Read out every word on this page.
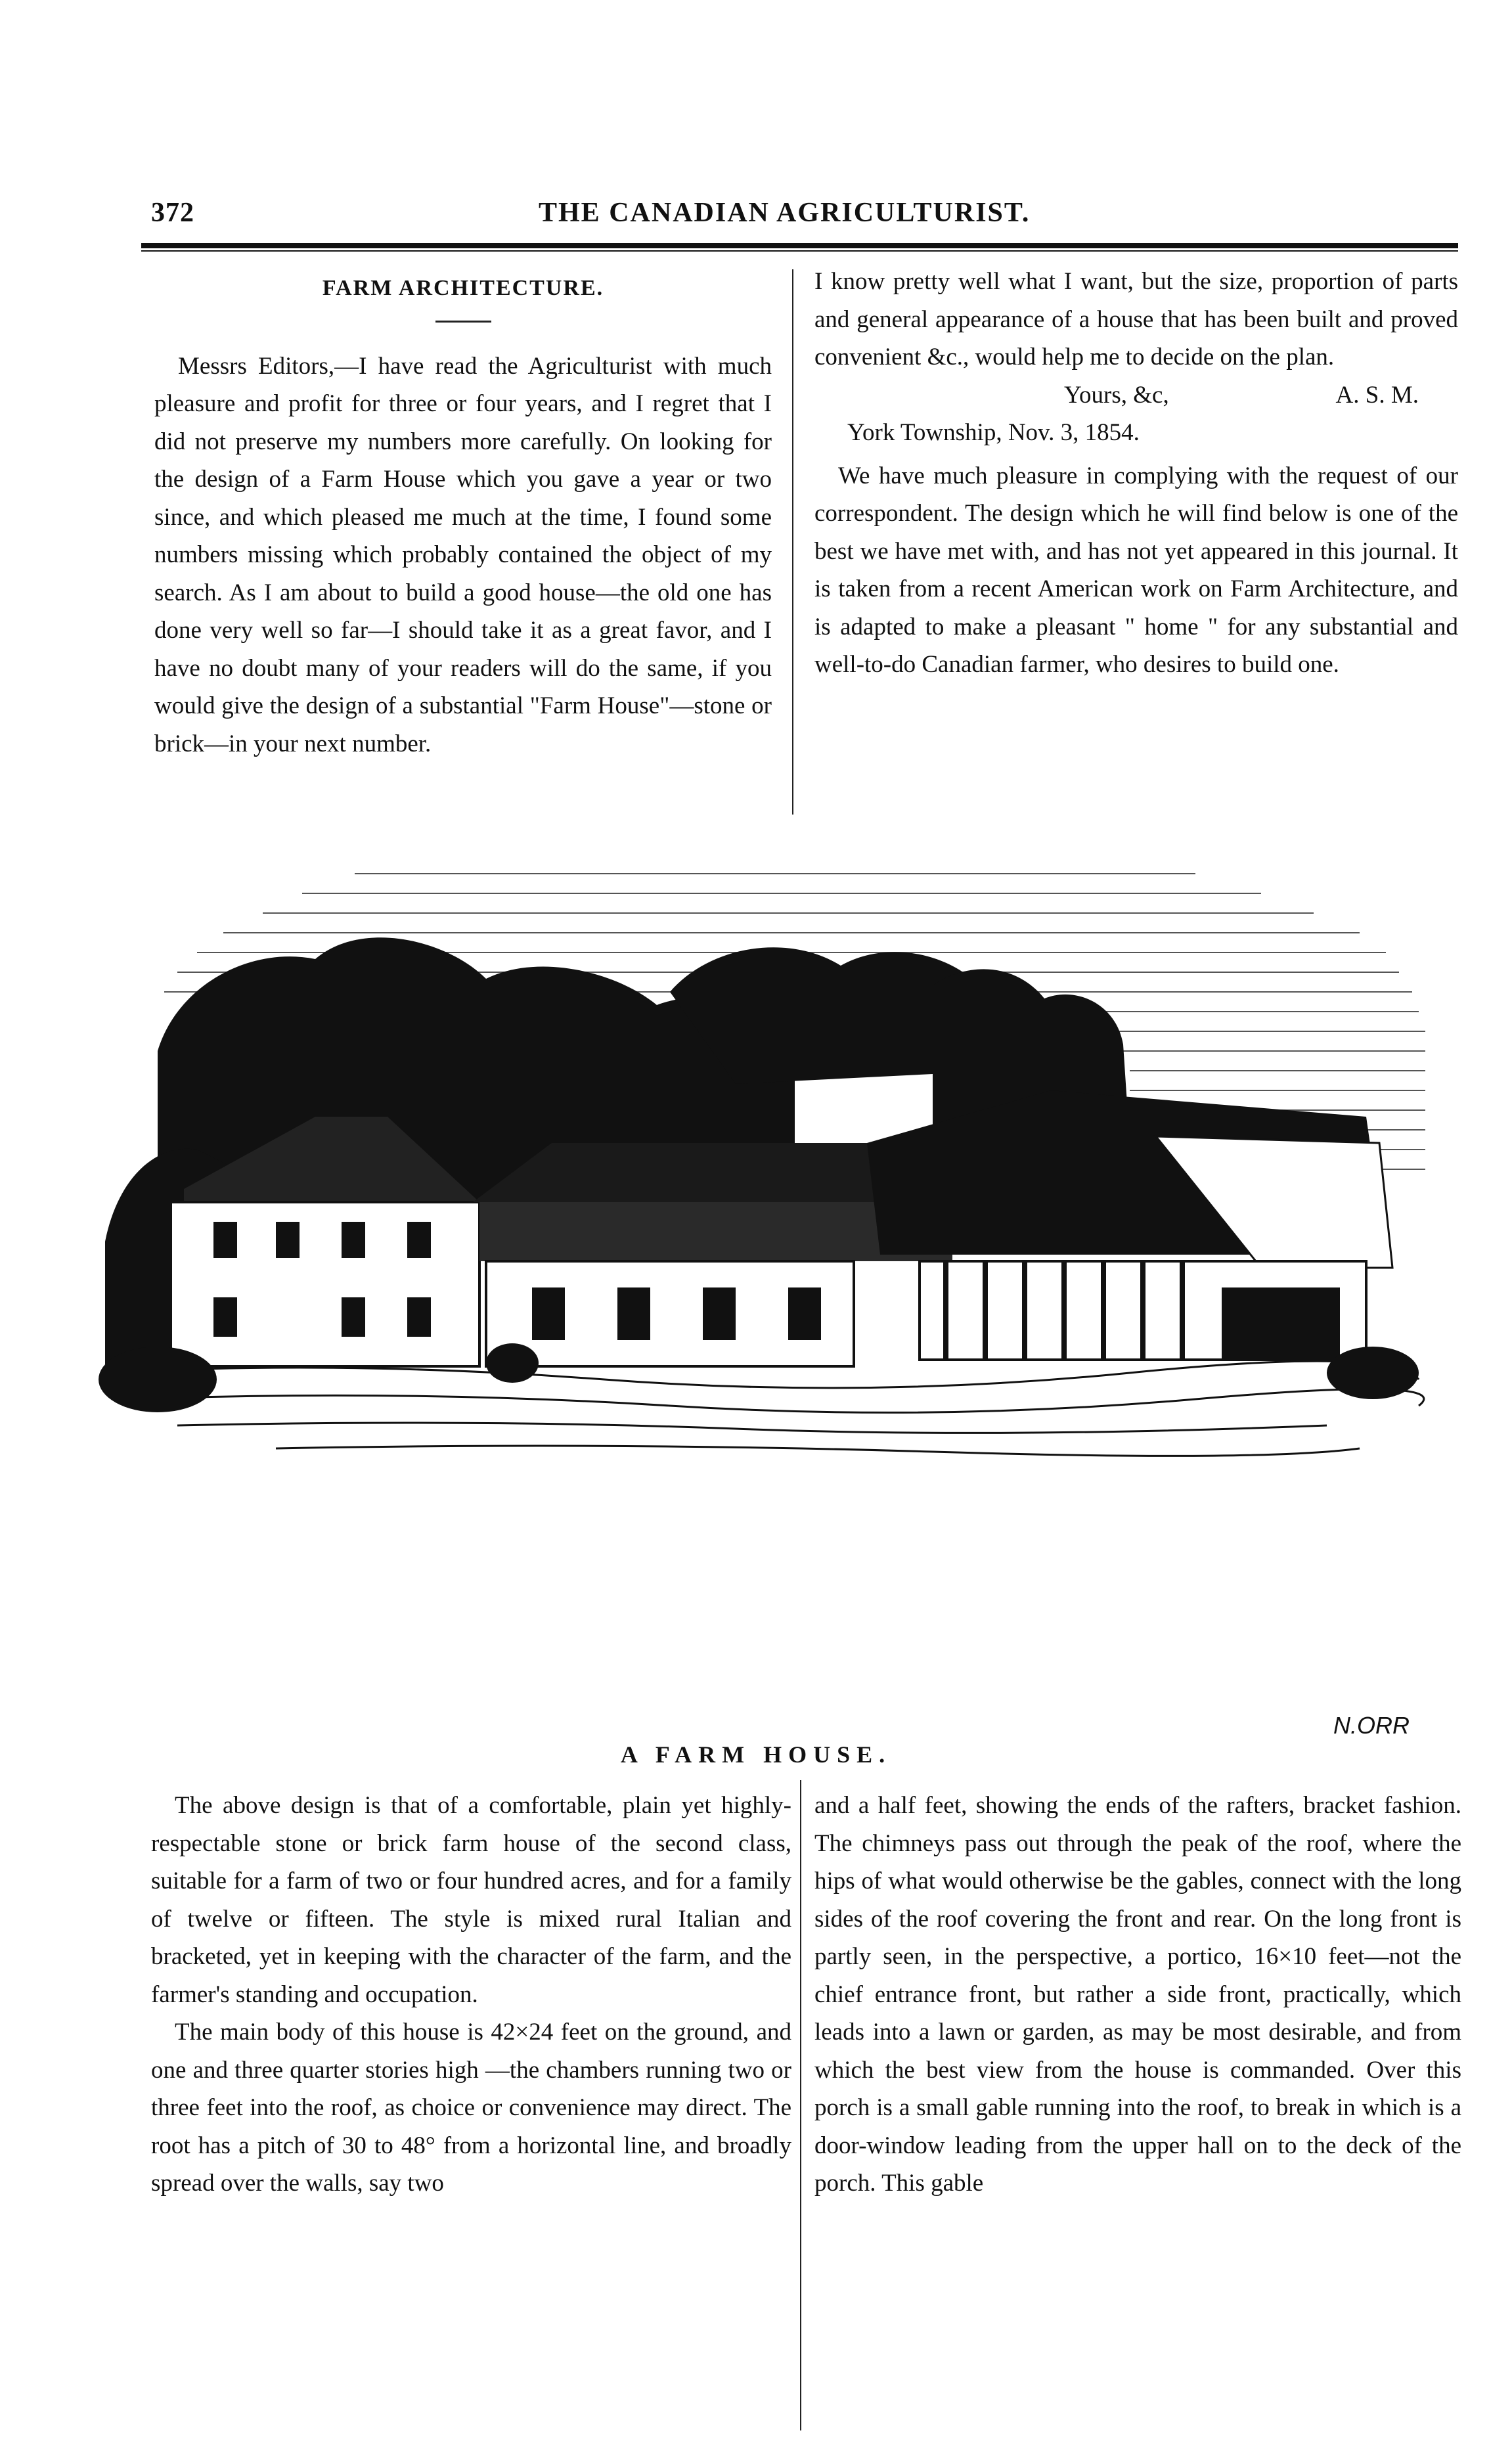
372	THE CANADIAN AGRICULTURIST.

FARM ARCHITECTURE.

Messrs Editors,—I have read the Agriculturist with much pleasure and profit for three or four years, and I regret that I did not preserve my numbers more carefully. On looking for the design of a Farm House which you gave a year or two since, and which pleased me much at the time, I found some numbers missing which probably contained the object of my search. As I am about to build a good house—the old one has done very well so far—I should take it as a great favor, and I have no doubt many of your readers will do the same, if you would give the design of a substantial "Farm House"—stone or brick—in your next number.

I know pretty well what I want, but the size, proportion of parts and general appearance of a house that has been built and proved convenient &c., would help me to decide on the plan.

Yours, &c,	A. S. M.

York Township, Nov. 3, 1854.

We have much pleasure in complying with the request of our correspondent. The design which he will find below is one of the best we have met with, and has not yet appeared in this journal. It is taken from a recent American work on Farm Architecture, and is adapted to make a pleasant " home " for any substantial and well-to-do Canadian farmer, who desires to build one.

N.ORR
A FARM HOUSE.

The above design is that of a comfortable, plain yet highly-respectable stone or brick farm house of the second class, suitable for a farm of two or four hundred acres, and for a family of twelve or fifteen. The style is mixed rural Italian and bracketed, yet in keeping with the character of the farm, and the farmer's standing and occupation.

The main body of this house is 42×24 feet on the ground, and one and three quarter stories high —the chambers running two or three feet into the roof, as choice or convenience may direct. The root has a pitch of 30 to 48° from a horizontal line, and broadly spread over the walls, say two

and a half feet, showing the ends of the rafters, bracket fashion. The chimneys pass out through the peak of the roof, where the hips of what would otherwise be the gables, connect with the long sides of the roof covering the front and rear. On the long front is partly seen, in the perspective, a portico, 16×10 feet—not the chief entrance front, but rather a side front, practically, which leads into a lawn or garden, as may be most desirable, and from which the best view from the house is commanded. Over this porch is a small gable running into the roof, to break in which is a door-window leading from the upper hall on to the deck of the porch. This gable
